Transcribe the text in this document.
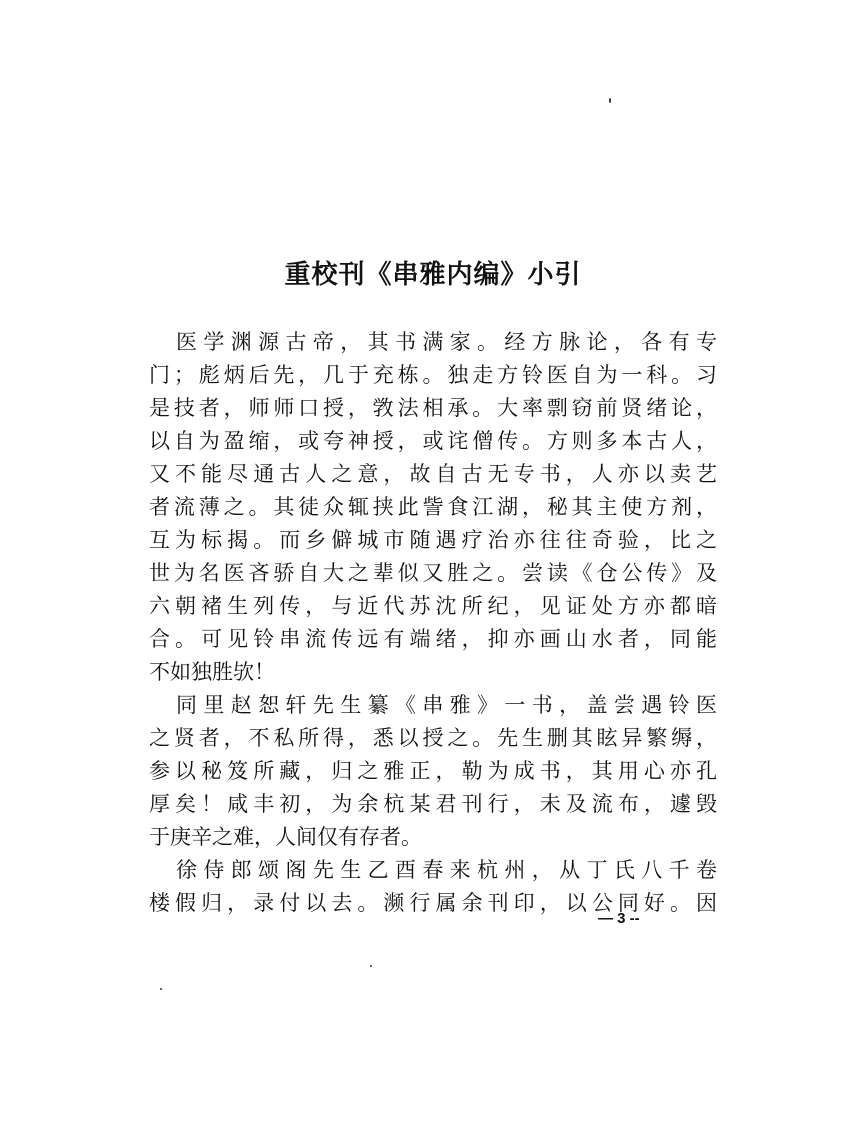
重校刊《串雅内编》小引
医学渊源古帝，其书满家。经方脉论，各有专
门；彪炳后先，几于充栋。独走方铃医自为一科。习
是技者，师师口授，敩法相承。大率剽窃前贤绪论，
以自为盈缩，或夸神授，或诧僧传。方则多本古人，
又不能尽通古人之意，故自古无专书，人亦以卖艺
者流薄之。其徒众辄挟此訾食江湖，秘其主使方剂，
互为标揭。而乡僻城市随遇疗治亦往往奇验，比之
世为名医吝骄自大之辈似又胜之。尝读《仓公传》及
六朝褚生列传，与近代苏沈所纪，见证处方亦都暗
合。可见铃串流传远有端绪，抑亦画山水者，同能
不如独胜欤！
同里赵恕轩先生纂《串雅》一书，盖尝遇铃医
之贤者，不私所得，悉以授之。先生删其眩异繁缛，
参以秘笈所藏，归之雅正，勒为成书，其用心亦孔
厚矣！咸丰初，为余杭某君刊行，未及流布，遽毁
于庚辛之难，人间仅有存者。
徐侍郎颂阁先生乙酉春来杭州，从丁氏八千卷
楼假归，录付以去。濒行属余刊印，以公同好。因
— 3 --
